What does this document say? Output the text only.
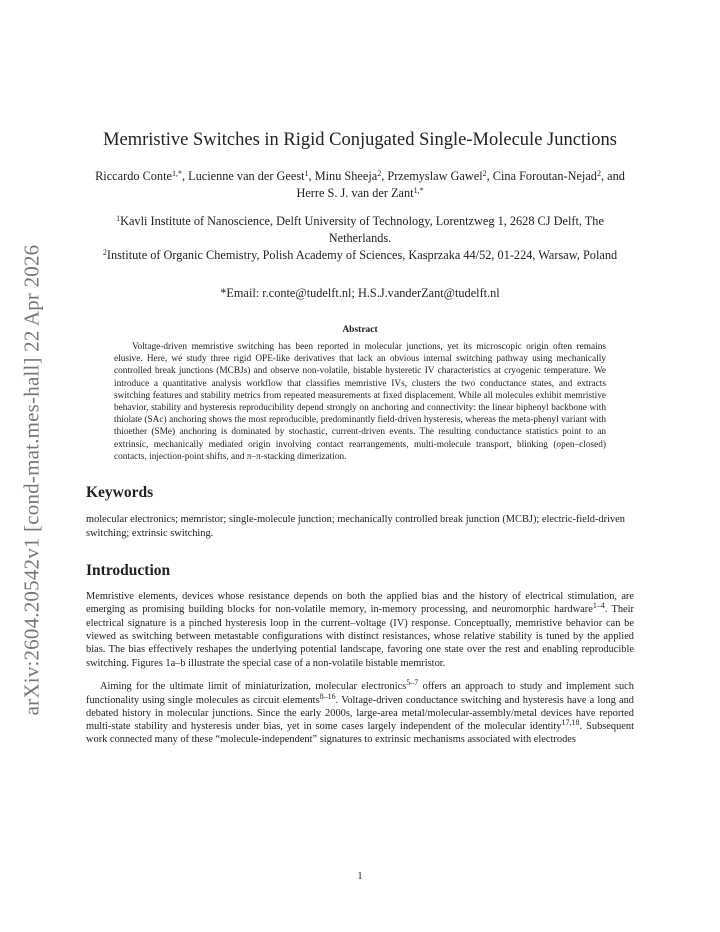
arXiv:2604.20542v1 [cond-mat.mes-hall] 22 Apr 2026
Memristive Switches in Rigid Conjugated Single-Molecule Junctions
Riccardo Conte$^{1,*}$, Lucienne van der Geest$^1$, Minu Sheeja$^2$, Przemyslaw Gawel$^2$, Cina Foroutan-Nejad$^2$, and Herre S. J. van der Zant$^{1,*}$
$^1$Kavli Institute of Nanoscience, Delft University of Technology, Lorentzweg 1, 2628 CJ Delft, The Netherlands.
$^2$Institute of Organic Chemistry, Polish Academy of Sciences, Kasprzaka 44/52, 01-224, Warsaw, Poland
*Email: r.conte@tudelft.nl; H.S.J.vanderZant@tudelft.nl
Abstract

Voltage-driven memristive switching has been reported in molecular junctions, yet its microscopic origin often remains elusive. Here, we study three rigid OPE-like derivatives that lack an obvious internal switching pathway using mechanically controlled break junctions (MCBJs) and observe non-volatile, bistable hysteretic IV characteristics at cryogenic temperature. We introduce a quantitative analysis workflow that classifies memristive IVs, clusters the two conductance states, and extracts switching features and stability metrics from repeated measurements at fixed displacement. While all molecules exhibit memristive behavior, stability and hysteresis reproducibility depend strongly on anchoring and connectivity: the linear biphenyl backbone with thiolate (SAc) anchoring shows the most reproducible, predominantly field-driven hysteresis, whereas the meta-phenyl variant with thioether (SMe) anchoring is dominated by stochastic, current-driven events. The resulting conductance statistics point to an extrinsic, mechanically mediated origin involving contact rearrangements, multi-molecule transport, blinking (open–closed) contacts, injection-point shifts, and π–π-stacking dimerization.

Keywords
molecular electronics; memristor; single-molecule junction; mechanically controlled break junction (MCBJ); electric-field-driven switching; extrinsic switching.
Introduction

Memristive elements, devices whose resistance depends on both the applied bias and the history of electrical stimulation, are emerging as promising building blocks for non-volatile memory, in-memory processing, and neuromorphic hardware$^{1-4}$. Their electrical signature is a pinched hysteresis loop in the current–voltage (IV) response. Conceptually, memristive behavior can be viewed as switching between metastable configurations with distinct resistances, whose relative stability is tuned by the applied bias. The bias effectively reshapes the underlying potential landscape, favoring one state over the rest and enabling reproducible switching. Figures 1a–b illustrate the special case of a non-volatile bistable memristor.

Aiming for the ultimate limit of miniaturization, molecular electronics$^{5-7}$ offers an approach to study and implement such functionality using single molecules as circuit elements$^{8-16}$. Voltage-driven conductance switching and hysteresis have a long and debated history in molecular junctions. Since the early 2000s, large-area metal/molecular-assembly/metal devices have reported multi-state stability and hysteresis under bias, yet in some cases largely independent of the molecular identity$^{17,18}$. Subsequent work connected many of these “molecule-independent” signatures to extrinsic mechanisms associated with electrodes

1
